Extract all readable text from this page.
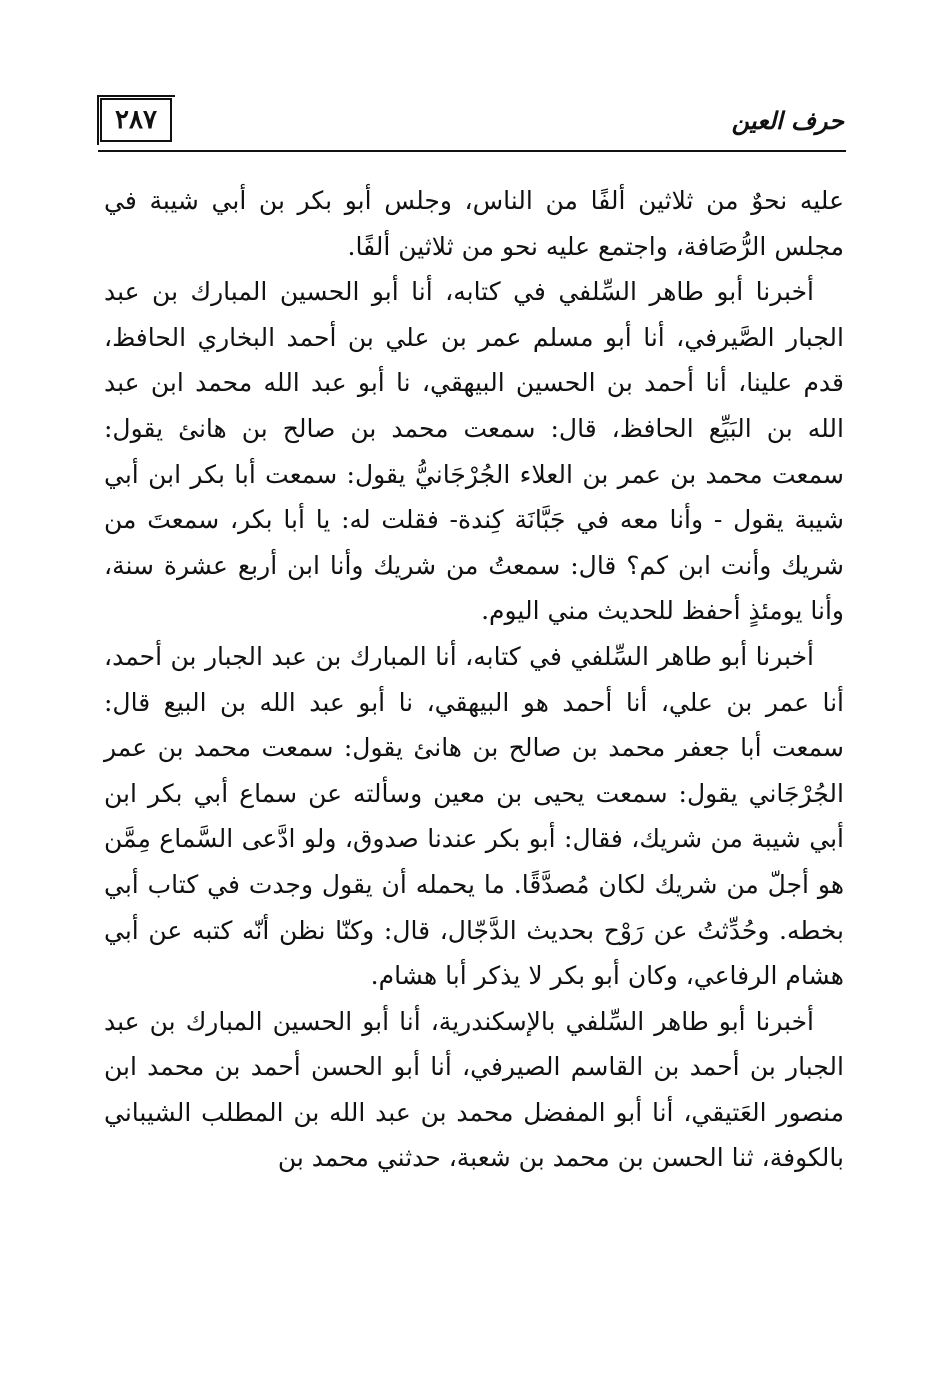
٢٨٧	حرف العين

عليه نحوٌ من ثلاثين ألفًا من الناس، وجلس أبو بكر بن أبي شيبة في مجلس الرُّصَافة، واجتمع عليه نحو من ثلاثين ألفًا.

أخبرنا أبو طاهر السِّلفي في كتابه، أنا أبو الحسين المبارك بن عبد الجبار الصَّيرفي، أنا أبو مسلم عمر بن علي بن أحمد البخاري الحافظ، قدم علينا، أنا أحمد بن الحسين البيهقي، نا أبو عبد الله محمد ابن عبد الله بن البَيِّع الحافظ، قال: سمعت محمد بن صالح بن هانئ يقول: سمعت محمد بن عمر بن العلاء الجُرْجَانيُّ يقول: سمعت أبا بكر ابن أبي شيبة يقول - وأنا معه في جَبَّانَة كِندة- فقلت له: يا أبا بكر، سمعتَ من شريك وأنت ابن كم؟ قال: سمعتُ من شريك وأنا ابن أربع عشرة سنة، وأنا يومئذٍ أحفظ للحديث مني اليوم.

أخبرنا أبو طاهر السِّلفي في كتابه، أنا المبارك بن عبد الجبار بن أحمد، أنا عمر بن علي، أنا أحمد هو البيهقي، نا أبو عبد الله بن البيع قال: سمعت أبا جعفر محمد بن صالح بن هانئ يقول: سمعت محمد بن عمر الجُرْجَاني يقول: سمعت يحيى بن معين وسألته عن سماع أبي بكر ابن أبي شيبة من شريك، فقال: أبو بكر عندنا صدوق، ولو ادَّعى السَّماع مِمَّن هو أجلّ من شريك لكان مُصدَّقًا. ما يحمله أن يقول وجدت في كتاب أبي بخطه. وحُدِّثتُ عن رَوْح بحديث الدَّجّال، قال: وكنّا نظن أنّه كتبه عن أبي هشام الرفاعي، وكان أبو بكر لا يذكر أبا هشام.

أخبرنا أبو طاهر السِّلفي بالإسكندرية، أنا أبو الحسين المبارك بن عبد الجبار بن أحمد بن القاسم الصيرفي، أنا أبو الحسن أحمد بن محمد ابن منصور العَتيقي، أنا أبو المفضل محمد بن عبد الله بن المطلب الشيباني بالكوفة، ثنا الحسن بن محمد بن شعبة، حدثني محمد بن
